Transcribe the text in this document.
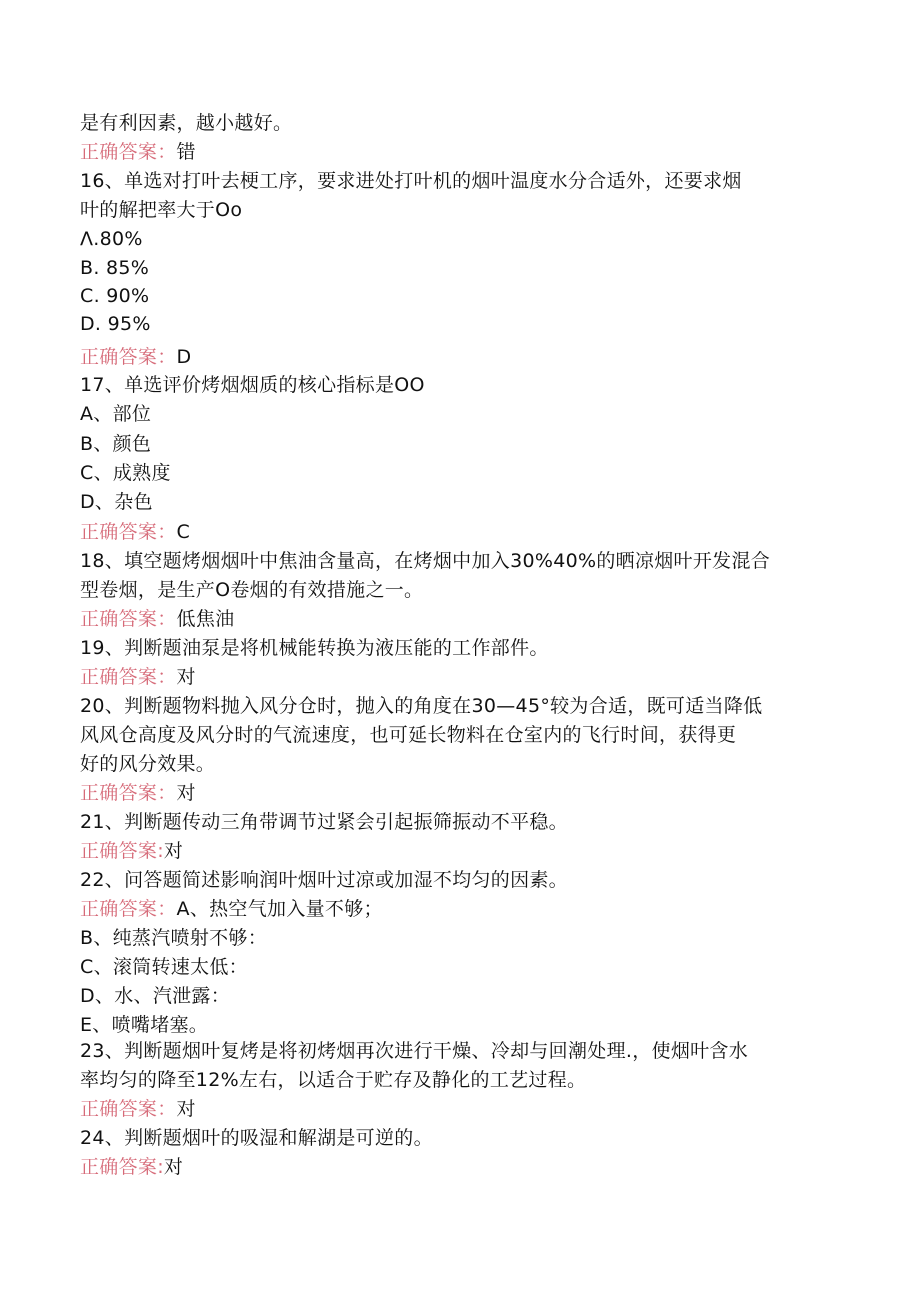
是有利因素，越小越好。
正确答案：错
16、单选对打叶去梗工序，要求进处打叶机的烟叶温度水分合适外，还要求烟
叶的解把率大于Oo
Λ.80%
B. 85%
C. 90%
D. 95%
正确答案：D
17、单选评价烤烟烟质的核心指标是OO
A、部位
B、颜色
C、成熟度
D、杂色
正确答案：C
18、填空题烤烟烟叶中焦油含量高，在烤烟中加入30%40%的晒凉烟叶开发混合
型卷烟，是生产O卷烟的有效措施之一。
正确答案：低焦油
19、判断题油泵是将机械能转换为液压能的工作部件。
正确答案：对
20、判断题物料抛入风分仓时，抛入的角度在30—45°较为合适，既可适当降低
风风仓高度及风分时的气流速度，也可延长物料在仓室内的飞行时间，获得更
好的风分效果。
正确答案：对
21、判断题传动三角带调节过紧会引起振筛振动不平稳。
正确答案:对
22、问答题简述影响润叶烟叶过凉或加湿不均匀的因素。
正确答案：A、热空气加入量不够；
B、纯蒸汽喷射不够：
C、滚筒转速太低：
D、水、汽泄露：
E、喷嘴堵塞。
23、判断题烟叶复烤是将初烤烟再次进行干燥、冷却与回潮处理.，使烟叶含水
率均匀的降至12%左右，以适合于贮存及静化的工艺过程。
正确答案：对
24、判断题烟叶的吸湿和解湖是可逆的。
正确答案:对
